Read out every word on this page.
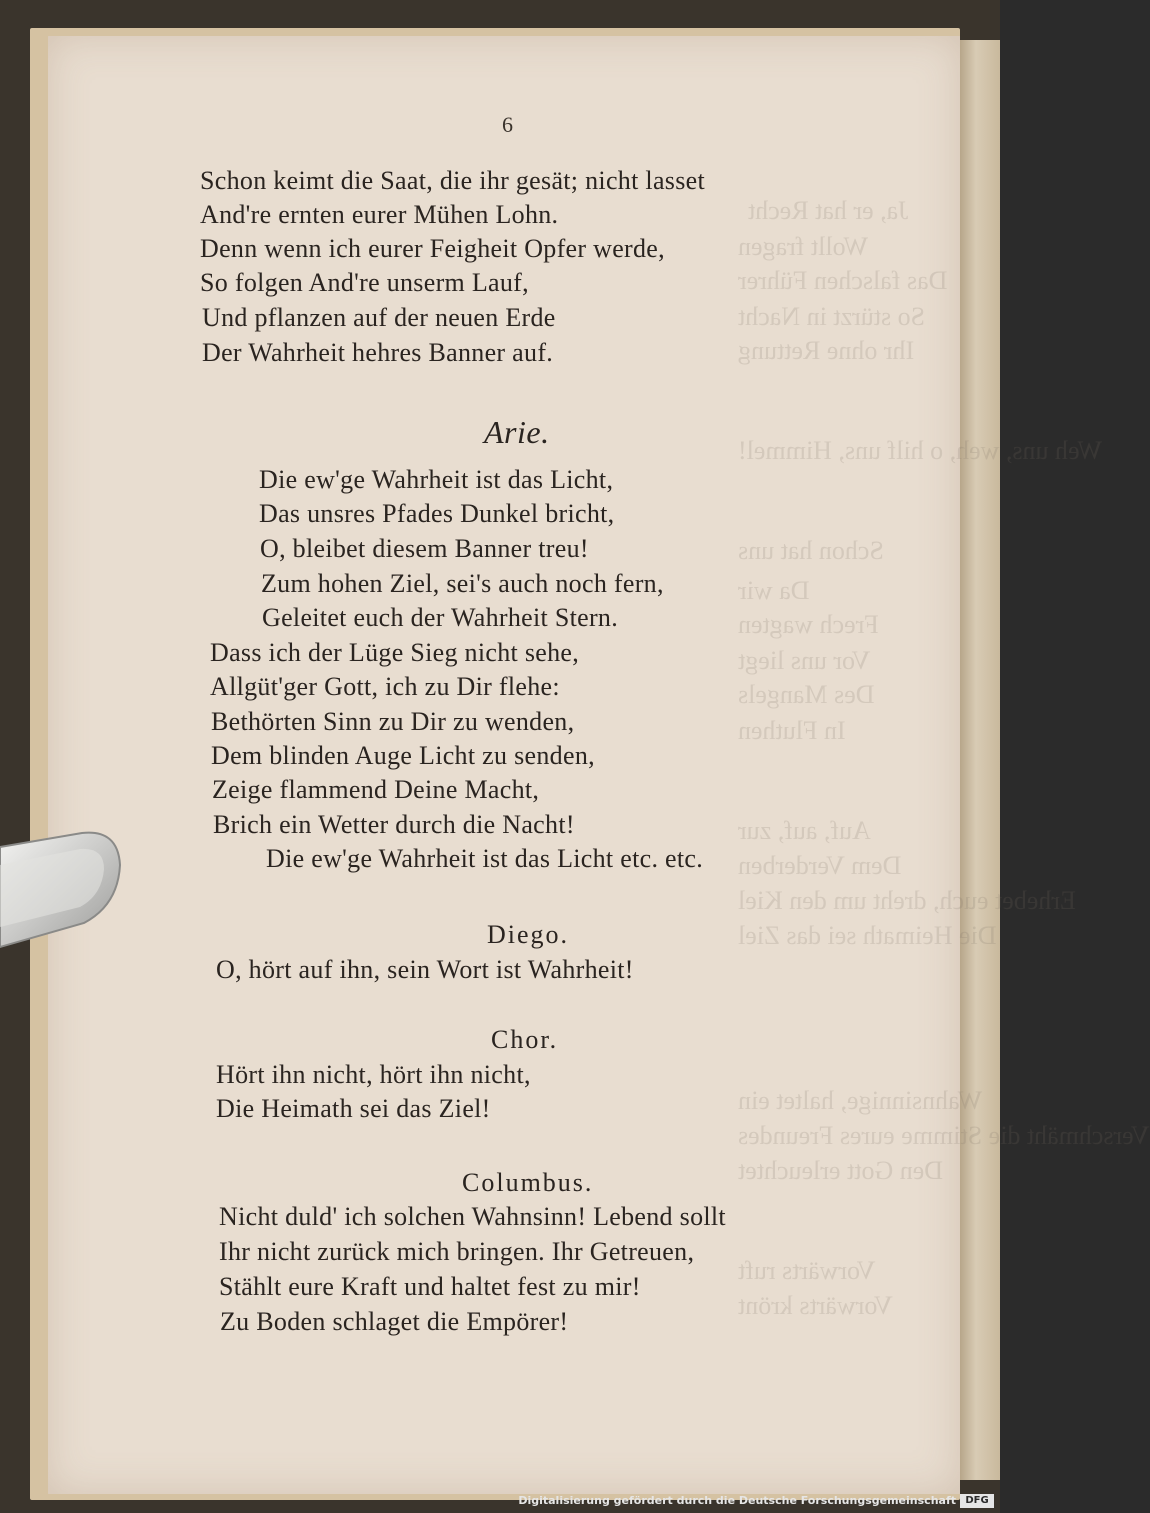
Ja, er hat Recht
Wollt fragen
Das falschen Führer
So stürzt in Nacht
Ihr ohne Rettung
Weh uns, weh, o hilf uns, Himmel!
Schon hat uns
Da wir
Frech wagten
Vor uns liegt
Des Mangels
In Fluthen
Auf, auf, zur
Dem Verderben
Erhebet euch, dreht um den Kiel
Die Heimath sei das Ziel
Wahnsinnige, haltet ein
Verschmäht die Stimme eures Freundes
Den Gott erleuchtet
Vorwärts ruft
Vorwärts krönt
6
Schon keimt die Saat, die ihr gesät; nicht lasset
And're ernten eurer Mühen Lohn.
Denn wenn ich eurer Feigheit Opfer werde,
So folgen And're unserm Lauf,
Und pflanzen auf der neuen Erde
Der Wahrheit hehres Banner auf.
Arie.
Die ew'ge Wahrheit ist das Licht,
Das unsres Pfades Dunkel bricht,
O, bleibet diesem Banner treu!
Zum hohen Ziel, sei's auch noch fern,
Geleitet euch der Wahrheit Stern.
Dass ich der Lüge Sieg nicht sehe,
Allgüt'ger Gott, ich zu Dir flehe:
Bethörten Sinn zu Dir zu wenden,
Dem blinden Auge Licht zu senden,
Zeige flammend Deine Macht,
Brich ein Wetter durch die Nacht!
Die ew'ge Wahrheit ist das Licht etc. etc.
Diego.
O, hört auf ihn, sein Wort ist Wahrheit!
Chor.
Hört ihn nicht, hört ihn nicht,
Die Heimath sei das Ziel!
Columbus.
Nicht duld' ich solchen Wahnsinn! Lebend sollt
Ihr nicht zurück mich bringen. Ihr Getreuen,
Stählt eure Kraft und haltet fest zu mir!
Zu Boden schlaget die Empörer!
Digitalisierung gefördert durch die Deutsche Forschungsgemeinschaft DFG
